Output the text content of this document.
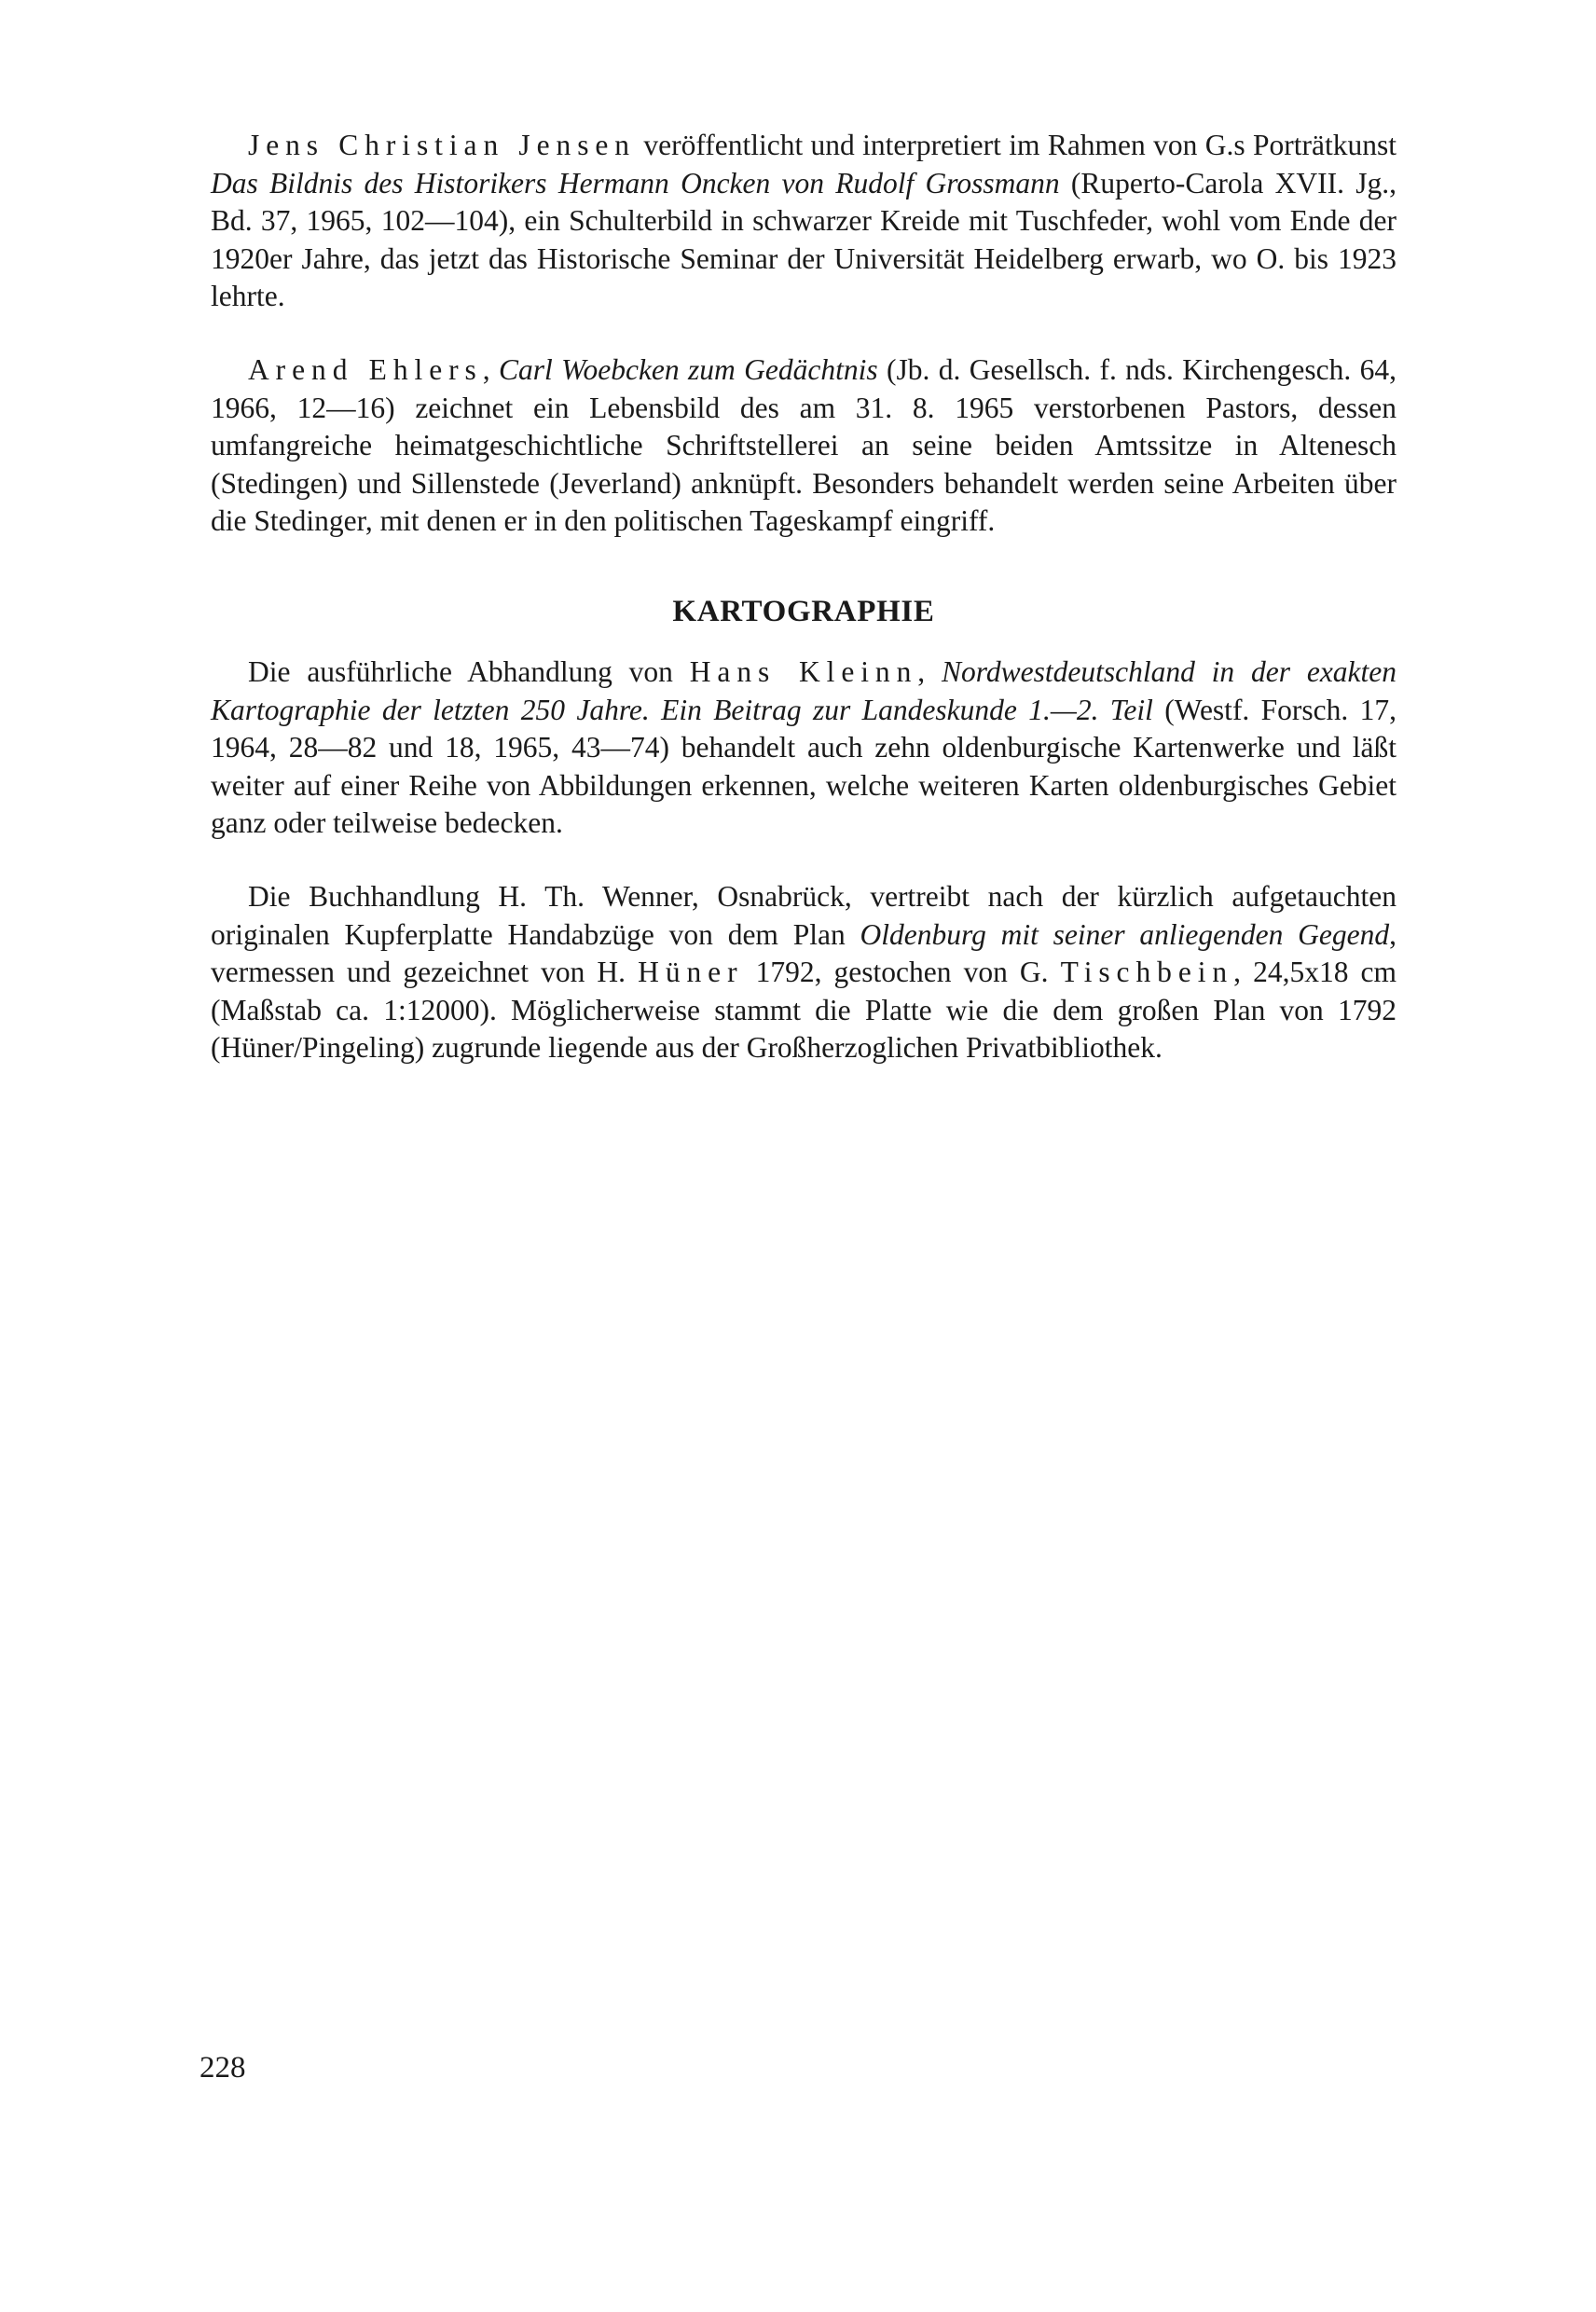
Jens Christian Jensen veröffentlicht und interpretiert im Rahmen von G.s Porträtkunst Das Bildnis des Historikers Hermann Oncken von Rudolf Grossmann (Ruperto-Carola XVII. Jg., Bd. 37, 1965, 102—104), ein Schulterbild in schwarzer Kreide mit Tuschfeder, wohl vom Ende der 1920er Jahre, das jetzt das Historische Seminar der Universität Heidelberg erwarb, wo O. bis 1923 lehrte.

Arend Ehlers, Carl Woebcken zum Gedächtnis (Jb. d. Gesellsch. f. nds. Kirchengesch. 64, 1966, 12—16) zeichnet ein Lebensbild des am 31. 8. 1965 verstorbenen Pastors, dessen umfangreiche heimatgeschichtliche Schriftstellerei an seine beiden Amtssitze in Altenesch (Stedingen) und Sillenstede (Jeverland) anknüpft. Besonders behandelt werden seine Arbeiten über die Stedinger, mit denen er in den politischen Tageskampf eingriff.

KARTOGRAPHIE

Die ausführliche Abhandlung von Hans Kleinn, Nordwestdeutschland in der exakten Kartographie der letzten 250 Jahre. Ein Beitrag zur Landeskunde 1.—2. Teil (Westf. Forsch. 17, 1964, 28—82 und 18, 1965, 43—74) behandelt auch zehn oldenburgische Kartenwerke und läßt weiter auf einer Reihe von Abbildungen erkennen, welche weiteren Karten oldenburgisches Gebiet ganz oder teilweise bedecken.

Die Buchhandlung H. Th. Wenner, Osnabrück, vertreibt nach der kürzlich aufgetauchten originalen Kupferplatte Handabzüge von dem Plan Oldenburg mit seiner anliegenden Gegend, vermessen und gezeichnet von H. Hüner 1792, gestochen von G. Tischbein, 24,5x18 cm (Maßstab ca. 1:12000). Möglicherweise stammt die Platte wie die dem großen Plan von 1792 (Hüner/Pingeling) zugrunde liegende aus der Großherzoglichen Privatbibliothek.

228
